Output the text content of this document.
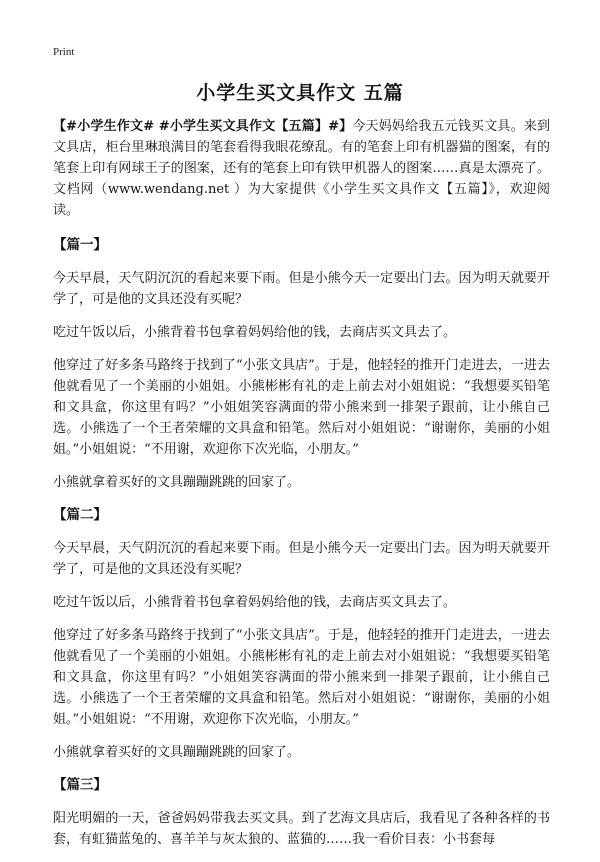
Print
小学生买文具作文 五篇

【#小学生作文# #小学生买文具作文【五篇】#】今天妈妈给我五元钱买文具。来到文具店，柜台里琳琅满目的笔套看得我眼花缭乱。有的笔套上印有机器猫的图案，有的笔套上印有网球王子的图案，还有的笔套上印有铁甲机器人的图案……真是太漂亮了。文档网（www.wendang.net ）为大家提供《小学生买文具作文【五篇】》，欢迎阅读。

【篇一】

今天早晨，天气阴沉沉的看起来要下雨。但是小熊今天一定要出门去。因为明天就要开学了，可是他的文具还没有买呢？

吃过午饭以后，小熊背着书包拿着妈妈给他的钱，去商店买文具去了。

他穿过了好多条马路终于找到了“小张文具店”。于是，他轻轻的推开门走进去，一进去他就看见了一个美丽的小姐姐。小熊彬彬有礼的走上前去对小姐姐说：“我想要买铅笔和文具盒，你这里有吗？”小姐姐笑容满面的带小熊来到一排架子跟前，让小熊自己选。小熊选了一个王者荣耀的文具盒和铅笔。然后对小姐姐说：“谢谢你，美丽的小姐姐。”小姐姐说：“不用谢，欢迎你下次光临，小朋友。”

小熊就拿着买好的文具蹦蹦跳跳的回家了。

【篇二】

今天早晨，天气阴沉沉的看起来要下雨。但是小熊今天一定要出门去。因为明天就要开学了，可是他的文具还没有买呢？

吃过午饭以后，小熊背着书包拿着妈妈给他的钱，去商店买文具去了。

他穿过了好多条马路终于找到了“小张文具店”。于是，他轻轻的推开门走进去，一进去他就看见了一个美丽的小姐姐。小熊彬彬有礼的走上前去对小姐姐说：“我想要买铅笔和文具盒，你这里有吗？”小姐姐笑容满面的带小熊来到一排架子跟前，让小熊自己选。小熊选了一个王者荣耀的文具盒和铅笔。然后对小姐姐说：“谢谢你，美丽的小姐姐。”小姐姐说：“不用谢，欢迎你下次光临，小朋友。”

小熊就拿着买好的文具蹦蹦跳跳的回家了。

【篇三】

阳光明媚的一天，爸爸妈妈带我去买文具。到了艺海文具店后，我看见了各种各样的书套，有虹猫蓝兔的、喜羊羊与灰太狼的、蓝猫的……我一看价目表：小书套每
